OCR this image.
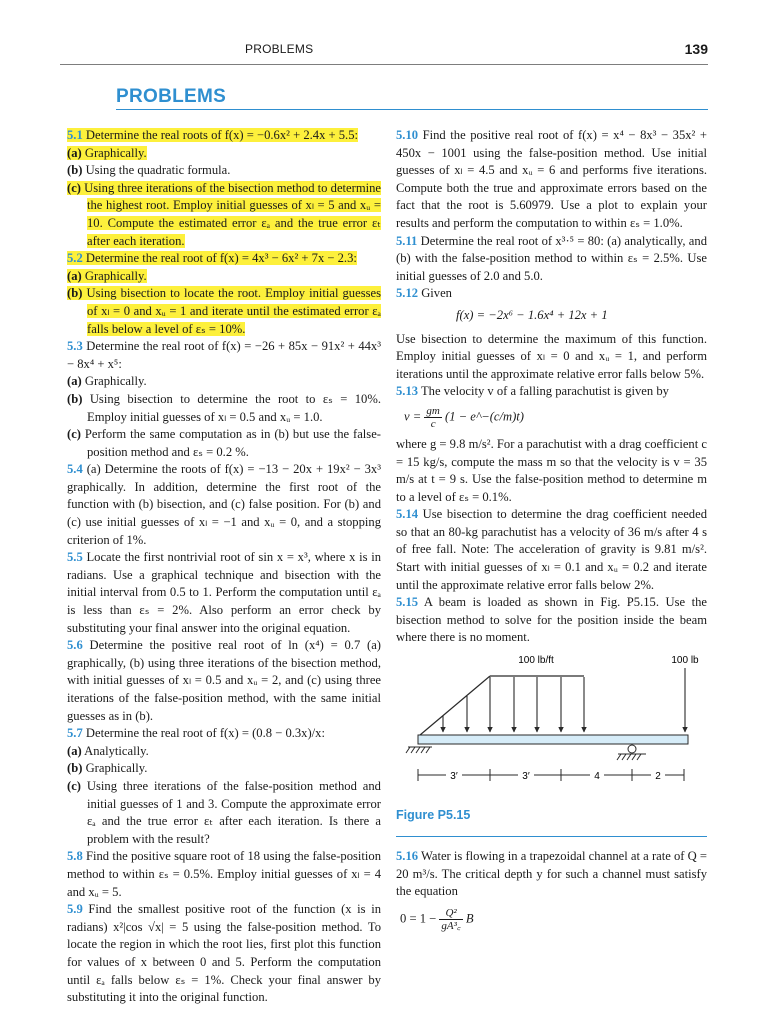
PROBLEMS	139
PROBLEMS

5.1 Determine the real roots of f(x) = −0.6x² + 2.4x + 5.5:

(a) Graphically.

(b) Using the quadratic formula.

(c) Using three iterations of the bisection method to determine the highest root. Employ initial guesses of xₗ = 5 and xᵤ = 10. Compute the estimated error εₐ and the true error εₜ after each iteration.

5.2 Determine the real root of f(x) = 4x³ − 6x² + 7x − 2.3:

(a) Graphically.

(b) Using bisection to locate the root. Employ initial guesses of xₗ = 0 and xᵤ = 1 and iterate until the estimated error εₐ falls below a level of εₛ = 10%.

5.3 Determine the real root of f(x) = −26 + 85x − 91x² + 44x³ − 8x⁴ + x⁵:

(a) Graphically.

(b) Using bisection to determine the root to εₛ = 10%. Employ initial guesses of xₗ = 0.5 and xᵤ = 1.0.

(c) Perform the same computation as in (b) but use the false-position method and εₛ = 0.2 %.

5.4 (a) Determine the roots of f(x) = −13 − 20x + 19x² − 3x³ graphically. In addition, determine the first root of the function with (b) bisection, and (c) false position. For (b) and (c) use initial guesses of xₗ = −1 and xᵤ = 0, and a stopping criterion of 1%.

5.5 Locate the first nontrivial root of sin x = x³, where x is in radians. Use a graphical technique and bisection with the initial interval from 0.5 to 1. Perform the computation until εₐ is less than εₛ = 2%. Also perform an error check by substituting your final answer into the original equation.

5.6 Determine the positive real root of ln (x⁴) = 0.7 (a) graphically, (b) using three iterations of the bisection method, with initial guesses of xₗ = 0.5 and xᵤ = 2, and (c) using three iterations of the false-position method, with the same initial guesses as in (b).

5.7 Determine the real root of f(x) = (0.8 − 0.3x)/x:

(a) Analytically.

(b) Graphically.

(c) Using three iterations of the false-position method and initial guesses of 1 and 3. Compute the approximate error εₐ and the true error εₜ after each iteration. Is there a problem with the result?

5.8 Find the positive square root of 18 using the false-position method to within εₛ = 0.5%. Employ initial guesses of xₗ = 4 and xᵤ = 5.

5.9 Find the smallest positive root of the function (x is in radians) x²|cos √x| = 5 using the false-position method. To locate the region in which the root lies, first plot this function for values of x between 0 and 5. Perform the computation until εₐ falls below εₛ = 1%. Check your final answer by substituting it into the original function.

5.10 Find the positive real root of f(x) = x⁴ − 8x³ − 35x² + 450x − 1001 using the false-position method. Use initial guesses of xₗ = 4.5 and xᵤ = 6 and performs five iterations. Compute both the true and approximate errors based on the fact that the root is 5.60979. Use a plot to explain your results and perform the computation to within εₛ = 1.0%.

5.11 Determine the real root of x³·⁵ = 80: (a) analytically, and (b) with the false-position method to within εₛ = 2.5%. Use initial guesses of 2.0 and 5.0.

5.12 Given

f(x) = −2x⁶ − 1.6x⁴ + 12x + 1

Use bisection to determine the maximum of this function. Employ initial guesses of xₗ = 0 and xᵤ = 1, and perform iterations until the approximate relative error falls below 5%.

5.13 The velocity v of a falling parachutist is given by

$v = \frac{gm}{c} (1$ − e^−(c/m)t)

where g = 9.8 m/s². For a parachutist with a drag coefficient c = 15 kg/s, compute the mass m so that the velocity is v = 35 m/s at t = 9 s. Use the false-position method to determine m to a level of εₛ = 0.1%.

5.14 Use bisection to determine the drag coefficient needed so that an 80-kg parachutist has a velocity of 36 m/s after 4 s of free fall. Note: The acceleration of gravity is 9.81 m/s². Start with initial guesses of xₗ = 0.1 and xᵤ = 0.2 and iterate until the approximate relative error falls below 2%.

5.15 A beam is loaded as shown in Fig. P5.15. Use the bisection method to solve for the position inside the beam where there is no moment.

100 lb/ft	100 lb
3′	3′	4	2
Figure P5.15

5.16 Water is flowing in a trapezoidal channel at a rate of Q = 20 m³/s. The critical depth y for such a channel must satisfy the equation

$0 = 1 - \frac{\text{Q²}}{\text{gA³꜀}}$ B
